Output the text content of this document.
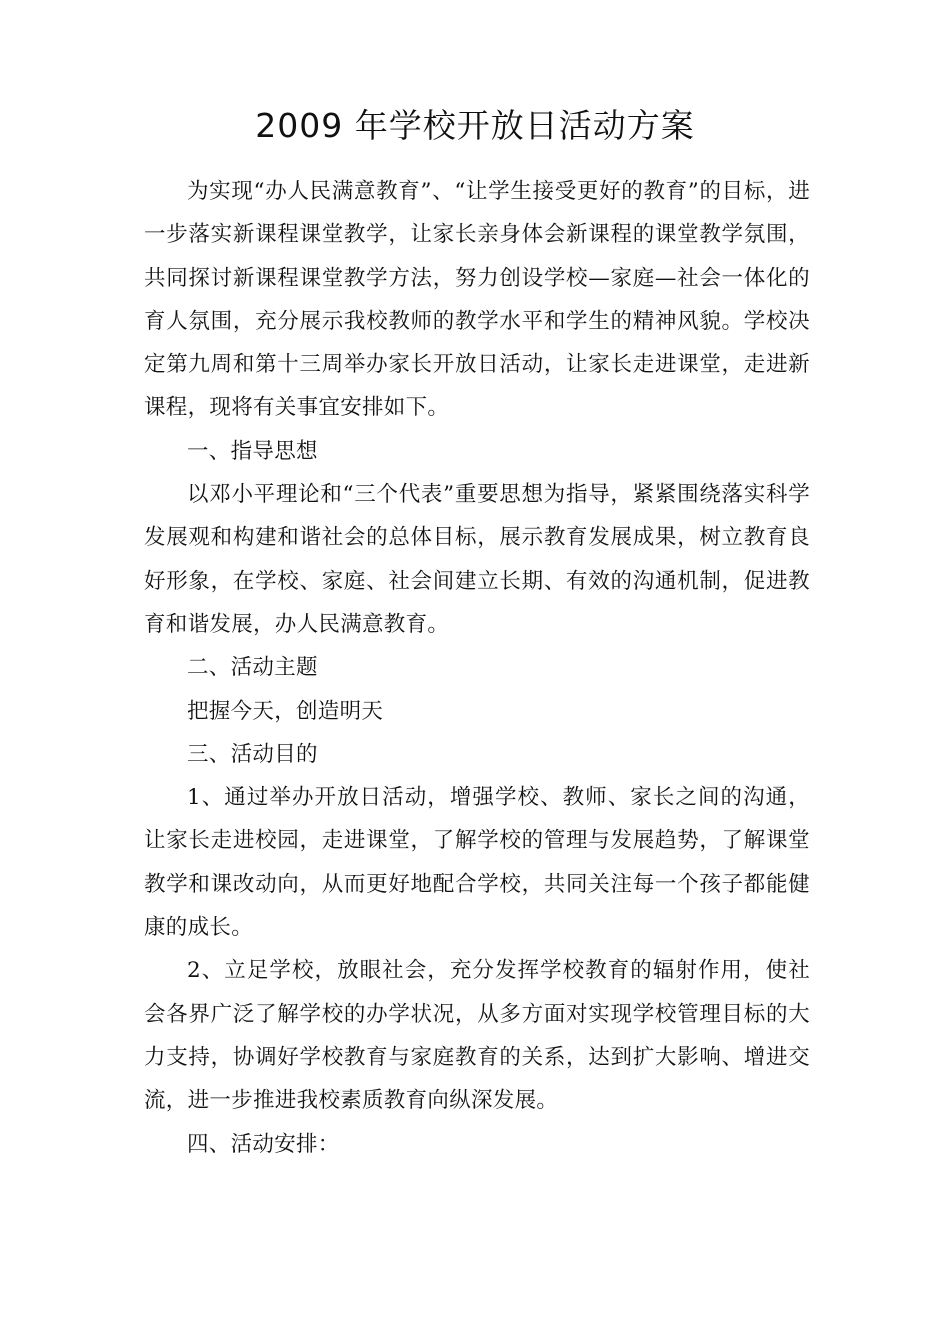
2009 年学校开放日活动方案

为实现“办人民满意教育”、“让学生接受更好的教育”的目标，进一步落实新课程课堂教学，让家长亲身体会新课程的课堂教学氛围，共同探讨新课程课堂教学方法，努力创设学校—家庭—社会一体化的育人氛围，充分展示我校教师的教学水平和学生的精神风貌。学校决定第九周和第十三周举办家长开放日活动，让家长走进课堂，走进新课程，现将有关事宜安排如下。

一、指导思想

以邓小平理论和“三个代表”重要思想为指导，紧紧围绕落实科学发展观和构建和谐社会的总体目标，展示教育发展成果，树立教育良好形象，在学校、家庭、社会间建立长期、有效的沟通机制，促进教育和谐发展，办人民满意教育。

二、活动主题

把握今天，创造明天

三、活动目的

1、通过举办开放日活动，增强学校、教师、家长之间的沟通，让家长走进校园，走进课堂，了解学校的管理与发展趋势，了解课堂教学和课改动向，从而更好地配合学校，共同关注每一个孩子都能健康的成长。

2、立足学校，放眼社会，充分发挥学校教育的辐射作用，使社会各界广泛了解学校的办学状况，从多方面对实现学校管理目标的大力支持，协调好学校教育与家庭教育的关系，达到扩大影响、增进交流，进一步推进我校素质教育向纵深发展。

四、活动安排：
